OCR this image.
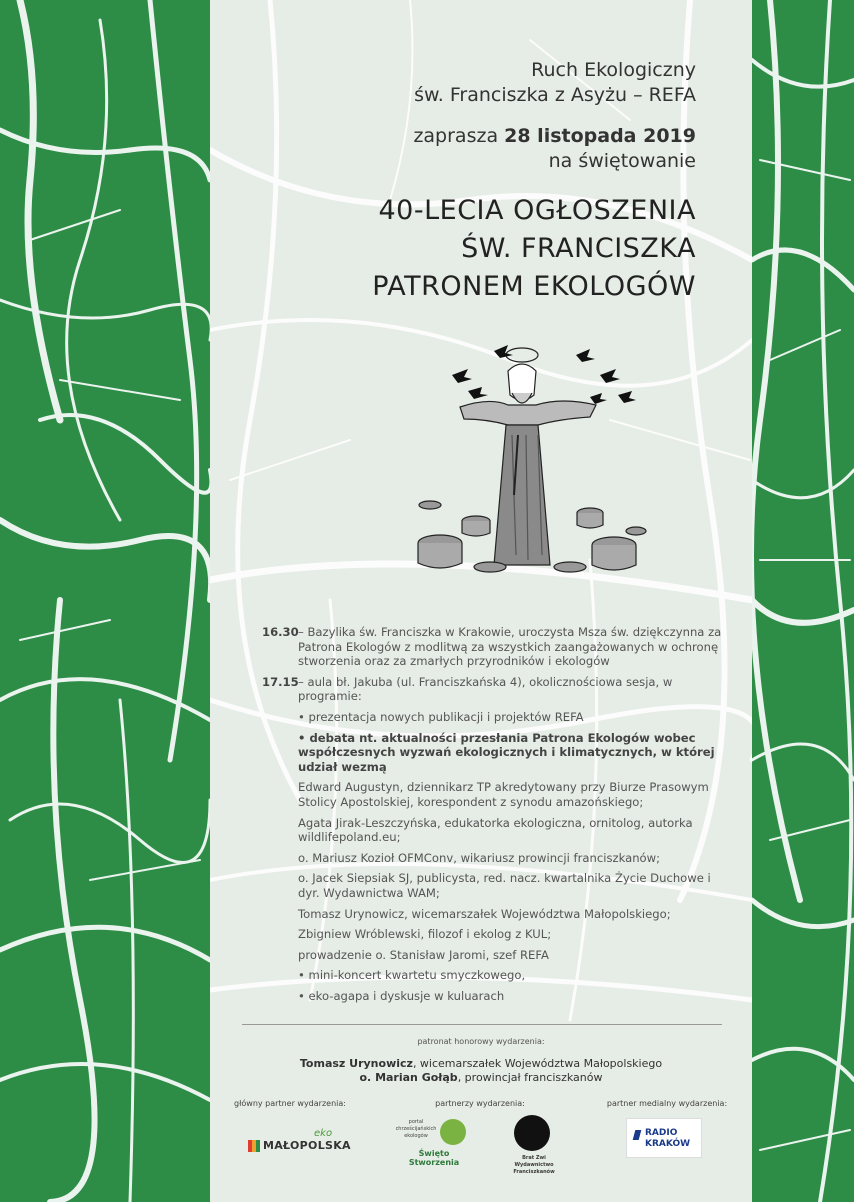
Ruch Ekologiczny
św. Franciszka z Asyżu – REFA
zaprasza 28 listopada 2019
na świętowanie
40-LECIA OGŁOSZENIA
ŚW. FRANCISZKA
PATRONEM EKOLOGÓW
16.30 – Bazylika św. Franciszka w Krakowie, uroczysta Msza św. dziękczynna za Patrona Ekologów z modlitwą za wszystkich zaangażowanych w ochronę stworzenia oraz za zmarłych przyrodników i ekologów
17.15 – aula bł. Jakuba (ul. Franciszkańska 4), okolicznościowa sesja, w programie:
• prezentacja nowych publikacji i projektów REFA
• debata nt. aktualności przesłania Patrona Ekologów wobec współczesnych wyzwań ekologicznych i klimatycznych, w której udział wezmą
Edward Augustyn, dziennikarz TP akredytowany przy Biurze Prasowym Stolicy Apostolskiej, korespondent z synodu amazońskiego;
Agata Jirak-Leszczyńska, edukatorka ekologiczna, ornitolog, autorka wildlifepoland.eu;
o. Mariusz Kozioł OFMConv, wikariusz prowincji franciszkanów;
o. Jacek Siepsiak SJ, publicysta, red. nacz. kwartalnika Życie Duchowe i dyr. Wydawnictwa WAM;
Tomasz Urynowicz, wicemarszałek Województwa Małopolskiego;
Zbigniew Wróblewski, filozof i ekolog z KUL;
prowadzenie o. Stanisław Jaromi, szef REFA
• mini-koncert kwartetu smyczkowego,
• eko-agapa i dyskusje w kuluarach
patronat honorowy wydarzenia:
Tomasz Urynowicz, wicemarszałek Województwa Małopolskiego
o. Marian Gołąb, prowincjał franciszkanów
główny partner wydarzenia:	partnerzy wydarzenia:	partner medialny wydarzenia:
eko
MAŁOPOLSKA
portal
chrześcijańskich
ekologów
Święto Stworzenia	Brat Zwi
Wydawnictwo
Franciszkanów
RADIO
KRAKÓW
